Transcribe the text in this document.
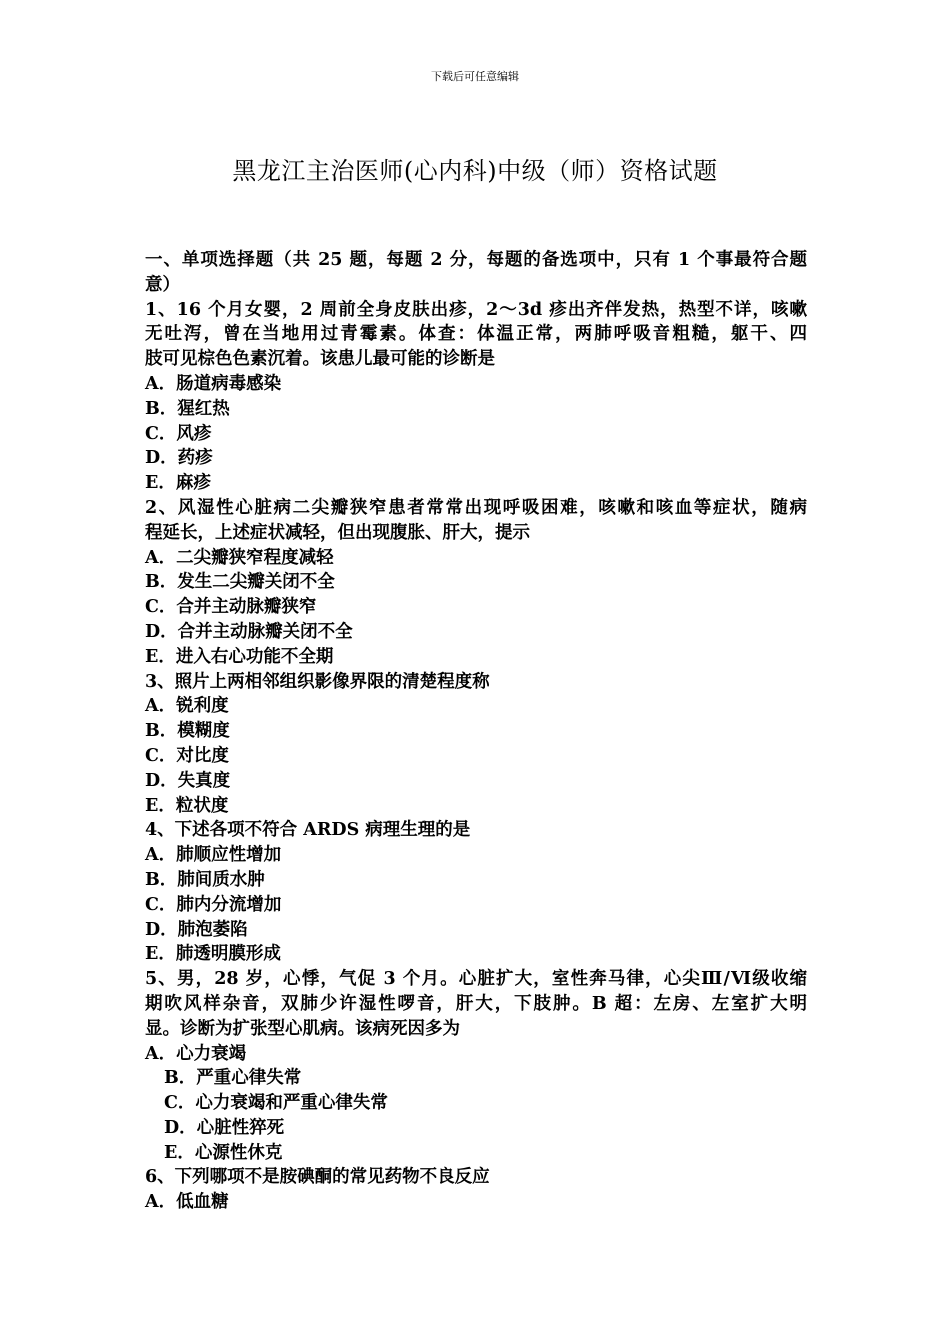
下载后可任意编辑
黑龙江主治医师(心内科)中级（师）资格试题
一、单项选择题（共 25 题，每题 2 分，每题的备选项中，只有 1 个事最符合题
意）
1、16 个月女婴，2 周前全身皮肤出疹，2～3d 疹出齐伴发热，热型不详，咳嗽
无吐泻，曾在当地用过青霉素。体查：体温正常，两肺呼吸音粗糙，躯干、四
肢可见棕色色素沉着。该患儿最可能的诊断是
A．肠道病毒感染
B．猩红热
C．风疹
D．药疹
E．麻疹
2、风湿性心脏病二尖瓣狭窄患者常常出现呼吸困难，咳嗽和咳血等症状，随病
程延长，上述症状减轻，但出现腹胀、肝大，提示
A．二尖瓣狭窄程度减轻
B．发生二尖瓣关闭不全
C．合并主动脉瓣狭窄
D．合并主动脉瓣关闭不全
E．进入右心功能不全期
3、照片上两相邻组织影像界限的清楚程度称
A．锐利度
B．模糊度
C．对比度
D．失真度
E．粒状度
4、下述各项不符合 ARDS 病理生理的是
A．肺顺应性增加
B．肺间质水肿
C．肺内分流增加
D．肺泡萎陷
E．肺透明膜形成
5、男，28 岁，心悸，气促 3 个月。心脏扩大，室性奔马律，心尖Ⅲ/Ⅵ级收缩
期吹风样杂音，双肺少许湿性啰音，肝大，下肢肿。B 超：左房、左室扩大明
显。诊断为扩张型心肌病。该病死因多为
A．心力衰竭
B．严重心律失常
C．心力衰竭和严重心律失常
D．心脏性猝死
E．心源性休克
6、下列哪项不是胺碘酮的常见药物不良反应
A．低血糖
